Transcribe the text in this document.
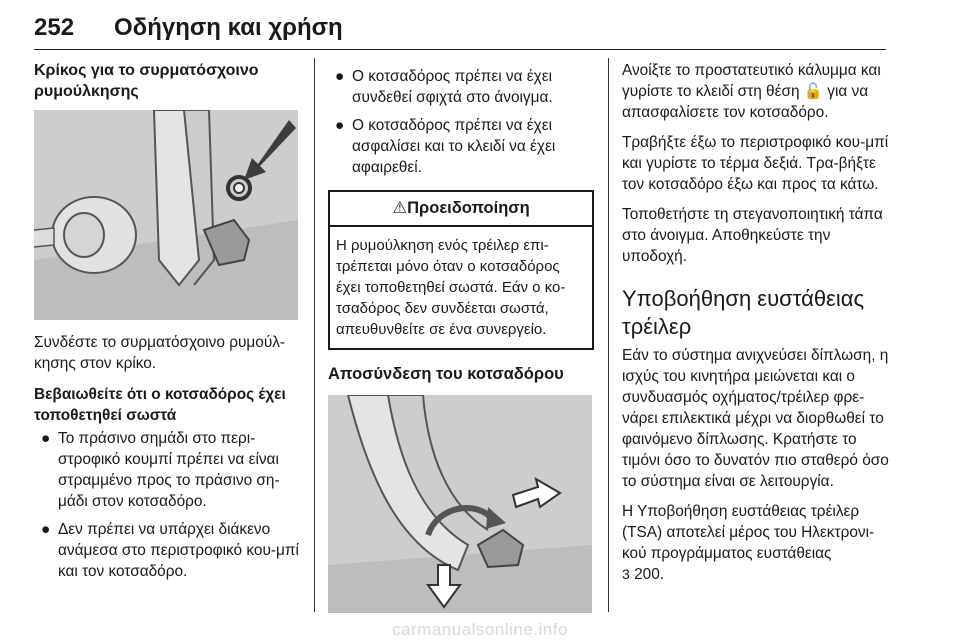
252 Οδήγηση και χρήση

Κρίκος για το συρματόσχοινο ρυμούλκησης

Συνδέστε το συρματόσχοινο ρυμούλ-κησης στον κρίκο.

Βεβαιωθείτε ότι ο κοτσαδόρος έχει τοποθετηθεί σωστά

● Το πράσινο σημάδι στο περι-στροφικό κουμπί πρέπει να είναι στραμμένο προς το πράσινο ση-μάδι στον κοτσαδόρο.
● Δεν πρέπει να υπάρχει διάκενο ανάμεσα στο περιστροφικό κου-μπί και τον κοτσαδόρο.
● Ο κοτσαδόρος πρέπει να έχει συνδεθεί σφιχτά στο άνοιγμα.
● Ο κοτσαδόρος πρέπει να έχει ασφαλίσει και το κλειδί να έχει αφαιρεθεί.
⚠Προειδοποίηση
Η ρυμούλκηση ενός τρέιλερ επι-τρέπεται μόνο όταν ο κοτσαδόρος έχει τοποθετηθεί σωστά. Εάν ο κο-τσαδόρος δεν συνδέεται σωστά, απευθυνθείτε σε ένα συνεργείο.

Αποσύνδεση του κοτσαδόρου

Ανοίξτε το προστατευτικό κάλυμμα και γυρίστε το κλειδί στη θέση 🔓 για να απασφαλίσετε τον κοτσαδόρο.

Τραβήξτε έξω το περιστροφικό κου-μπί και γυρίστε το τέρμα δεξιά. Τρα-βήξτε τον κοτσαδόρο έξω και προς τα κάτω.

Τοποθετήστε τη στεγανοποιητική τάπα στο άνοιγμα. Αποθηκεύστε την υποδοχή.

Υποβοήθηση ευστάθειας τρέιλερ

Εάν το σύστημα ανιχνεύσει δίπλωση, η ισχύς του κινητήρα μειώνεται και ο συνδυασμός οχήματος/τρέιλερ φρε-νάρει επιλεκτικά μέχρι να διορθωθεί το φαινόμενο δίπλωσης. Κρατήστε το τιμόνι όσο το δυνατόν πιο σταθερό όσο το σύστημα είναι σε λειτουργία.

Η Υποβοήθηση ευστάθειας τρέιλερ (TSA) αποτελεί μέρος του Ηλεκτρονι-κού προγράμματος ευστάθειας
3 200.

carmanualsonline.info
